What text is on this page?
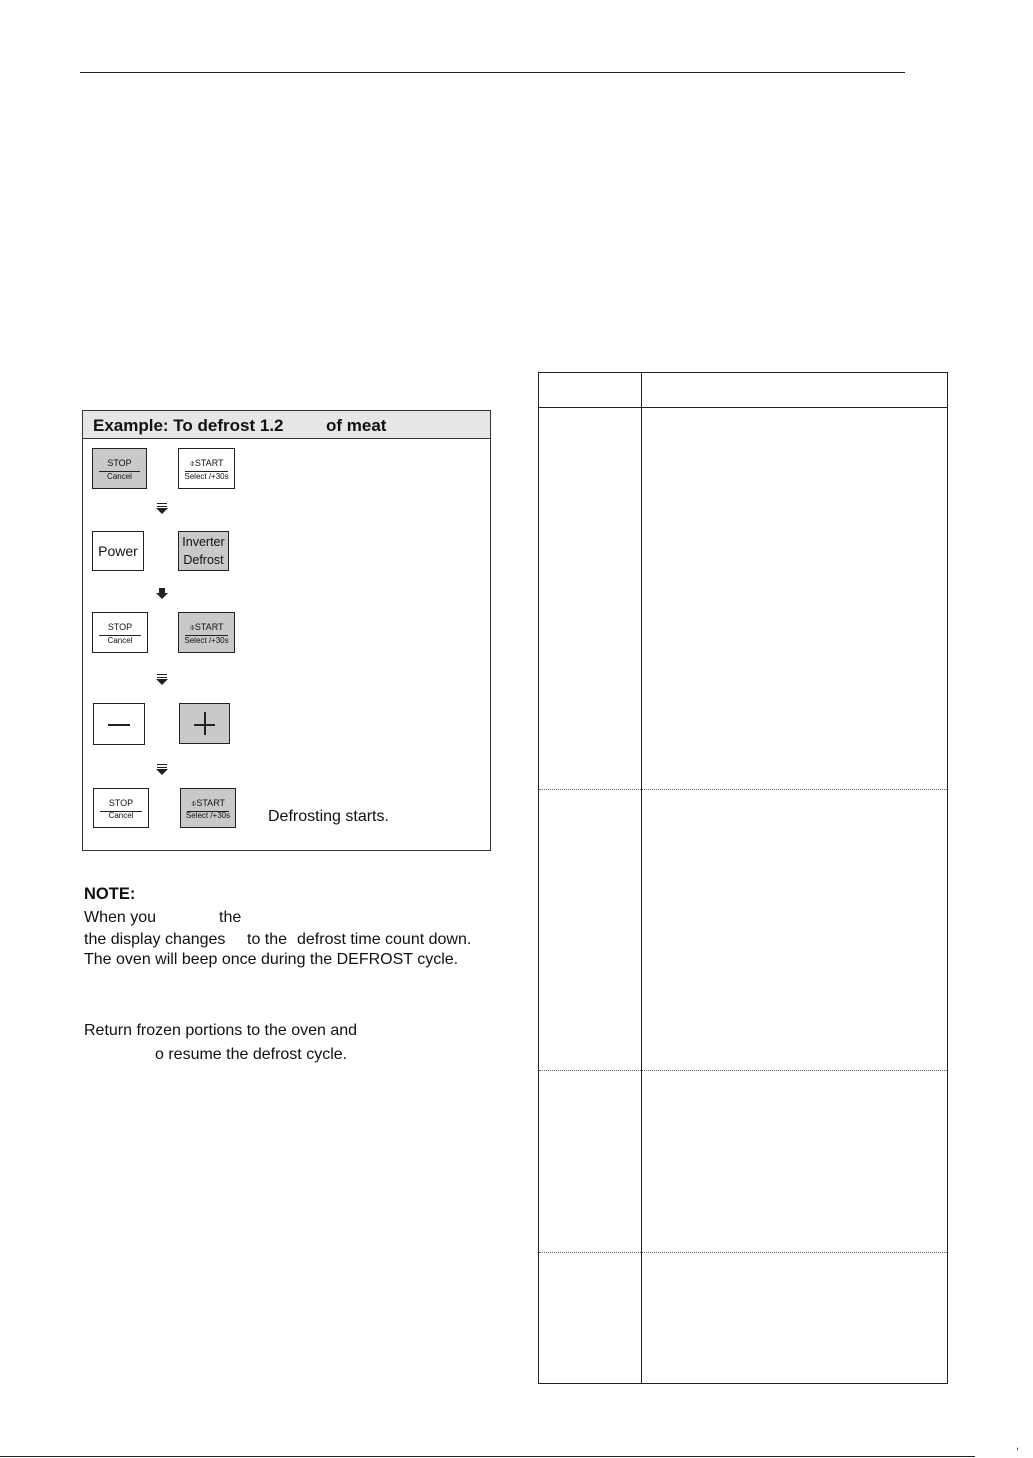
Example: To defrost 1.2 of meat
STOP
Cancel
⌽START
Select /+30s
Power
Inverter
Defrost
STOP
Cancel
⌽START
Select /+30s
STOP
Cancel
⌽START
Select /+30s	Defrosting starts.
NOTE:
When you	the
the display changes to the defrost time count down.
The oven will beep once during the DEFROST cycle.
Return frozen portions to the oven and
o resume the defrost cycle.
,
